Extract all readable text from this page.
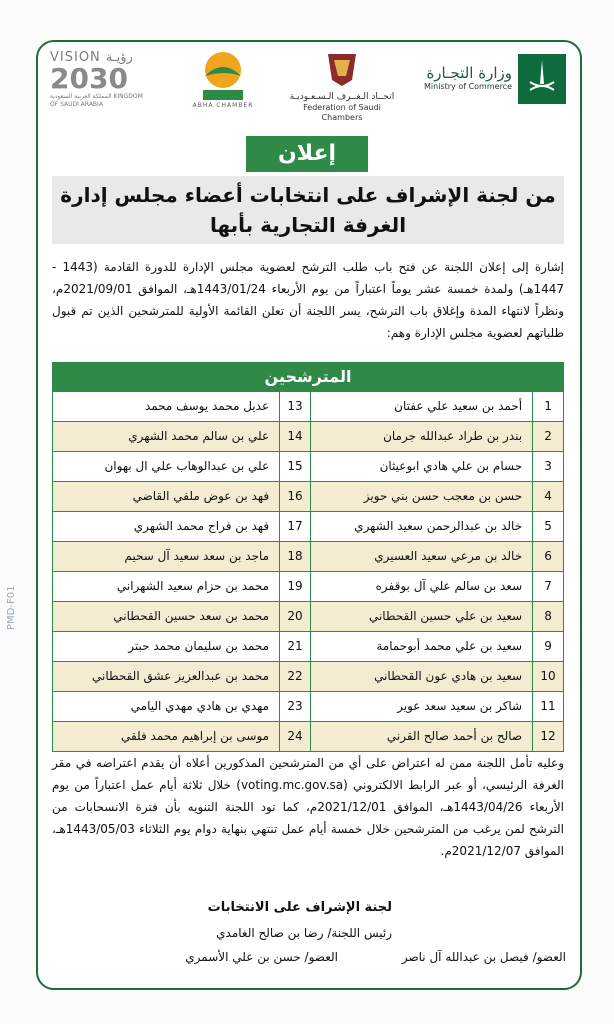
PMD-F01
VISION رؤيـة
2030
المملكة العربية السعودية KINGDOM OF SAUDI ARABIA	ABHA CHAMBER
اتحــاد الـغــرف الـسـعـوديـة
Federation of Saudi Chambers
وزارة التجـارة
Ministry of Commerce
إعلان
من لجنة الإشراف على انتخابات أعضاء مجلس إدارة
الغرفة التجارية بأبها
إشارة إلى إعلان اللجنة عن فتح باب طلب الترشح لعضوية مجلس الإدارة للدورة القادمة (1443 - 1447هـ) ولمدة خمسة عشر يوماً اعتباراً من يوم الأربعاء 1443/01/24هـ، الموافق 2021/09/01م، ونظراً لانتهاء المدة وإغلاق باب الترشح، يسر اللجنة أن تعلن القائمة الأولية للمترشحين الذين تم قبول طلباتهم لعضوية مجلس الإدارة وهم:
المترشحين
1
أحمد بن سعيد علي عفتان
13
عديل محمد يوسف محمد
2
بندر بن طراد عبدالله جرمان
14
علي بن سالم محمد الشهري
3
حسام بن علي هادي ابوعيثان
15
علي بن عبدالوهاب علي ال بهوان
4
حسن بن معجب حسن بني حويز
16
فهد بن عوض ملفي القاضي
5
خالد بن عبدالرحمن سعيد الشهري
17
فهد بن فراج محمد الشهري
6
خالد بن مرعي سعيد العسيري
18
ماجد بن سعد سعيد آل سحيم
7
سعد بن سالم علي آل بوقفره
19
محمد بن حزام سعيد الشهراني
8
سعيد بن علي حسين القحطاني
20
محمد بن سعد حسين القحطاني
9
سعيد بن علي محمد أبوحمامة
21
محمد بن سليمان محمد حبتر
10
سعيد بن هادي عون القحطاني
22
محمد بن عبدالعزيز عشق القحطاني
11
شاكر بن سعيد سعد عوير
23
مهدي بن هادي مهدي اليامي
12
صالح بن أحمد صالح القرني
24
موسى بن إبراهيم محمد فلقي
وعليه تأمل اللجنة ممن له اعتراض على أي من المترشحين المذكورين أعلاه أن يقدم اعتراضه في مقر الغرفة الرئيسي، أو عبر الرابط الالكتروني (voting.mc.gov.sa) خلال ثلاثة أيام عمل اعتباراً من يوم الأربعاء 1443/04/26هـ، الموافق 2021/12/01م، كما تود اللجنة التنويه بأن فترة الانسحابات من الترشح لمن يرغب من المترشحين خلال خمسة أيام عمل تنتهي بنهاية دوام يوم الثلاثاء 1443/05/03هـ، الموافق 2021/12/07م.
لجنة الإشراف على الانتخابات
رئيس اللجنة/ رضا بن صالح الغامدي
العضو/ فيصل بن عبدالله آل ناصر
العضو/ حسن بن علي الأسمري
